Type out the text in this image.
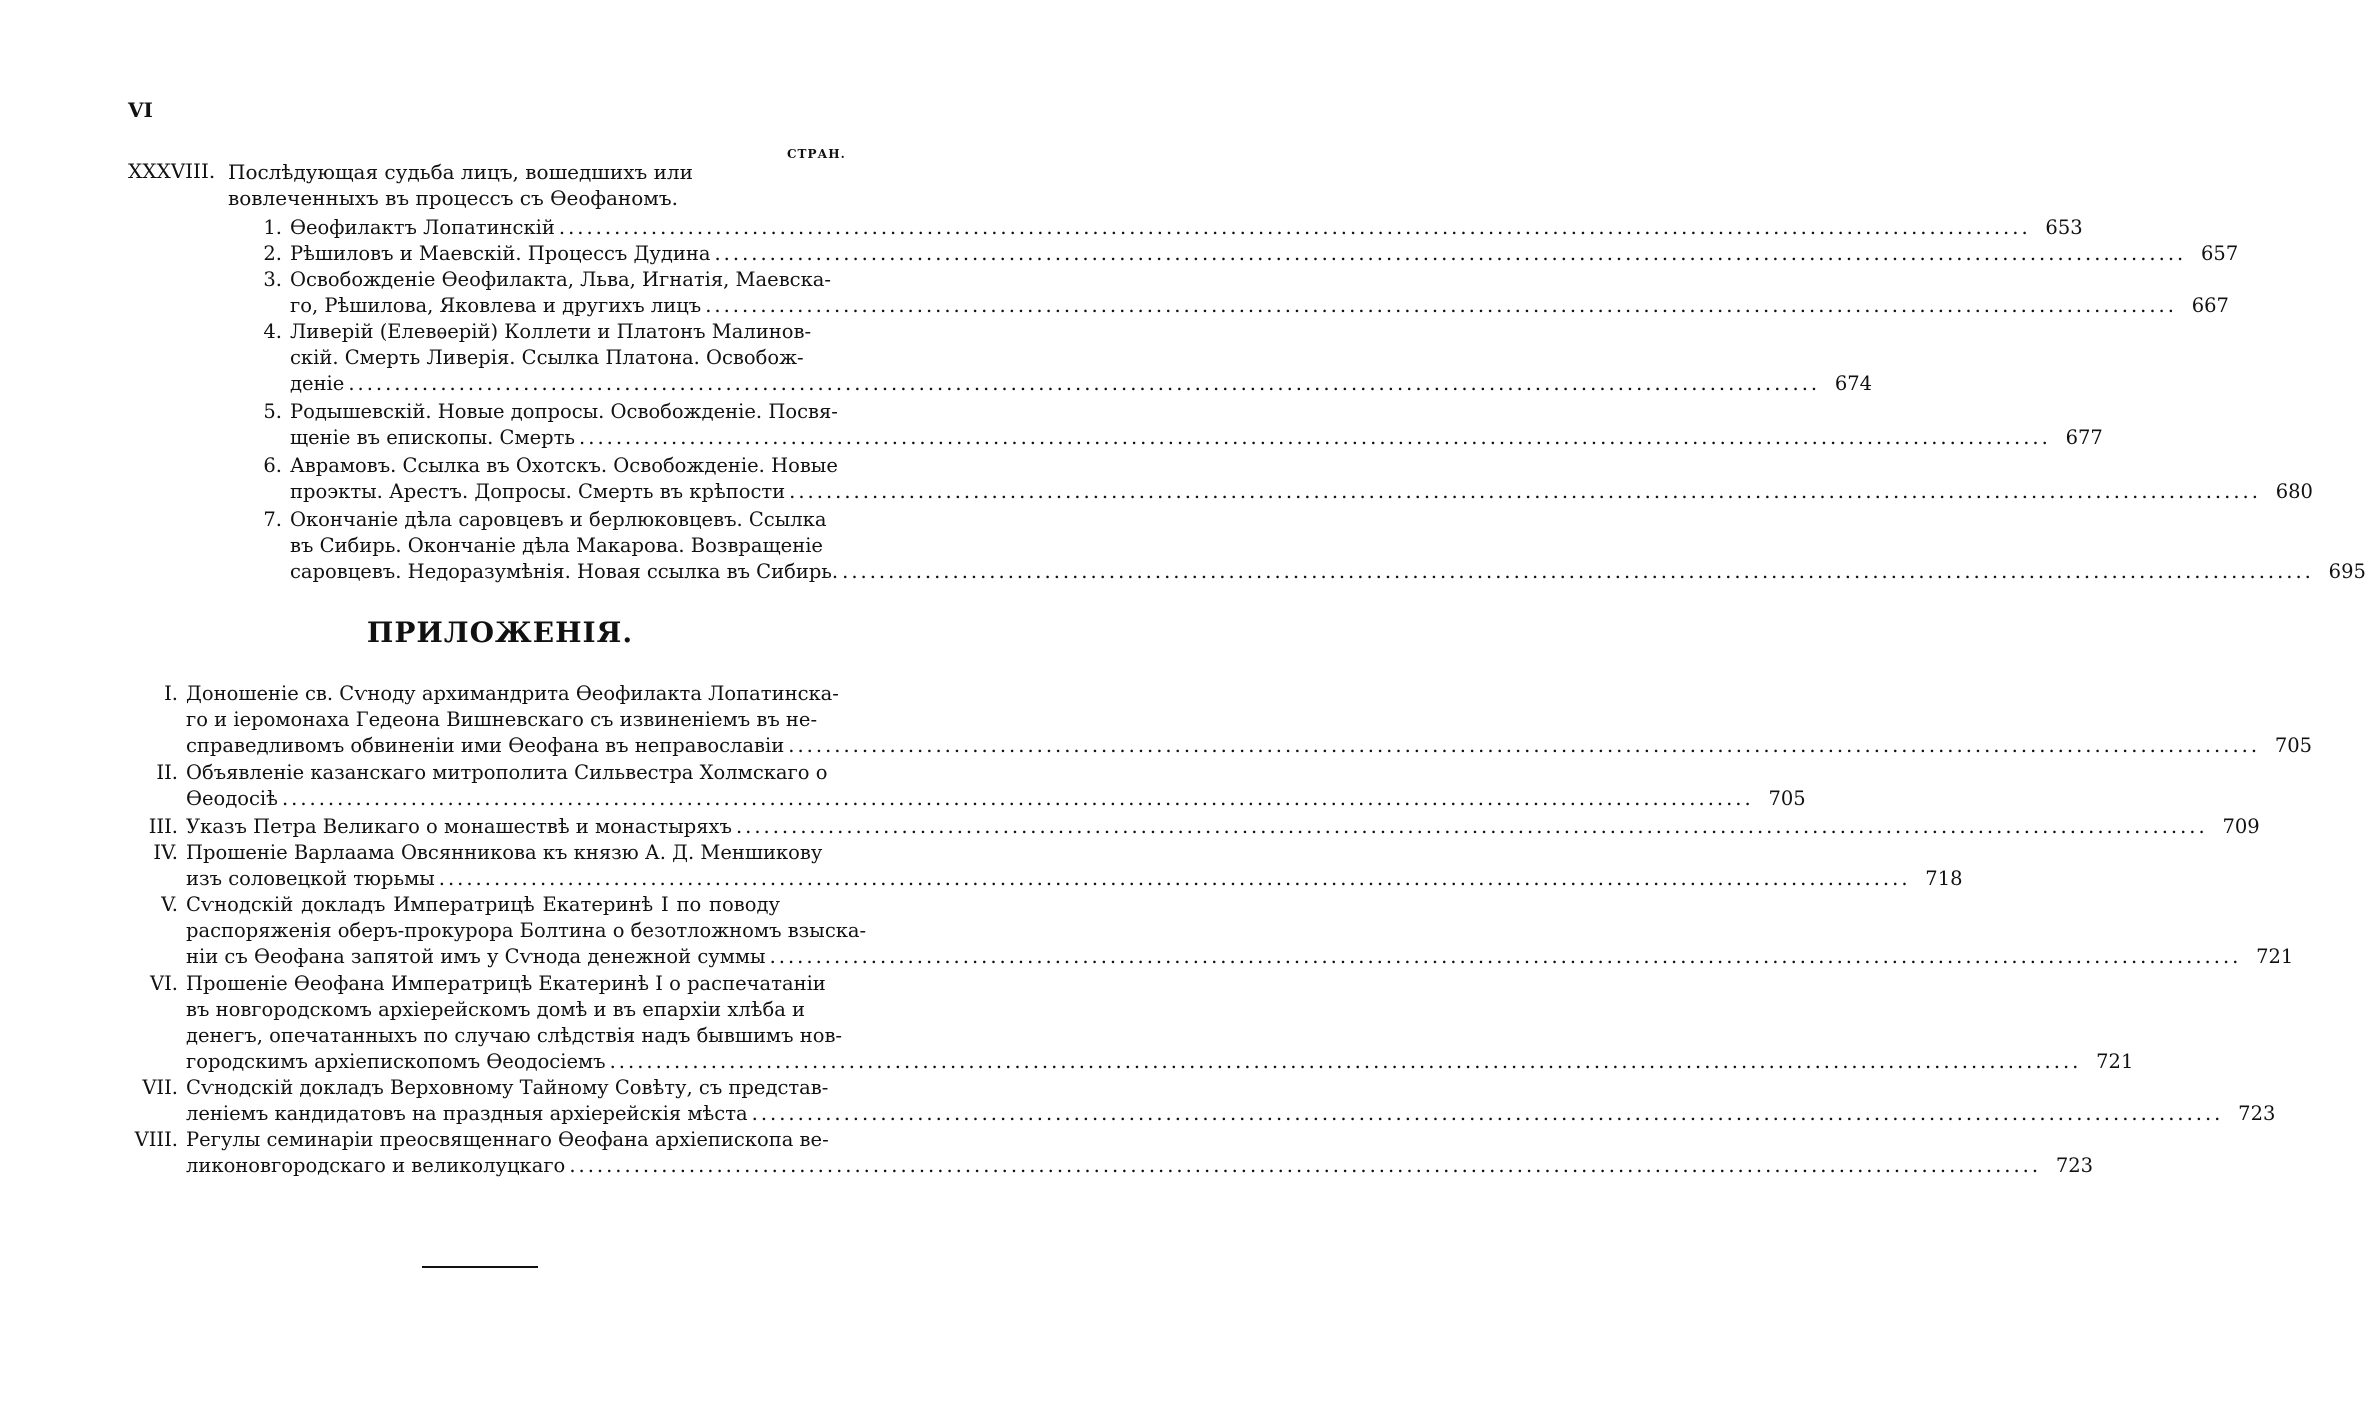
VI
СТРАН.
XXXVIII. Послѣдующая судьба лицъ, вошедшихъ или вовлеченныхъ въ процессъ съ Ѳеофаномъ.
1. Ѳеофилактъ Лопатинскій ................................................................................................................................................................ 653
2. Рѣшиловъ и Маевскій. Процессъ Дудина ................................................................................................................................................................ 657
3. Освобожденіе Ѳеофилакта, Льва, Игнатія, Маевска-
го, Рѣшилова, Яковлева и другихъ лицъ ................................................................................................................................................................ 667
4. Ливерій (Елевѳерій) Коллети и Платонъ Малинов-
скій. Смерть Ливерія. Ссылка Платона. Освобож-
деніе ................................................................................................................................................................ 674
5. Родышевскій. Новые допросы. Освобожденіе. Посвя-
щеніе въ епископы. Смерть ................................................................................................................................................................ 677
6. Аврамовъ. Ссылка въ Охотскъ. Освобожденіе. Новые
проэкты. Арестъ. Допросы. Смерть въ крѣпости ................................................................................................................................................................ 680
7. Окончаніе дѣла саровцевъ и берлюковцевъ. Ссылка
въ Сибирь. Окончаніе дѣла Макарова. Возвращеніе
саровцевъ. Недоразумѣнія. Новая ссылка въ Сибирь. ................................................................................................................................................................ 695
ПРИЛОЖЕНІЯ.
I. Доношеніе св. Сѵноду архимандрита Ѳеофилакта Лопатинска-
го и іеромонаха Гедеона Вишневскаго съ извиненіемъ въ не-
справедливомъ обвиненіи ими Ѳеофана въ неправославіи ................................................................................................................................................................ 705
II. Объявленіе казанскаго митрополита Сильвестра Холмскаго о
Ѳеодосіѣ ................................................................................................................................................................ 705
III. Указъ Петра Великаго о монашествѣ и монастыряхъ ................................................................................................................................................................ 709
IV. Прошеніе Варлаама Овсянникова къ князю А. Д. Меншикову
изъ соловецкой тюрьмы ................................................................................................................................................................ 718
V. Сѵнодскій докладъ Императрицѣ Екатеринѣ I по поводу
распоряженія оберъ-прокурора Болтина о безотложномъ взыска-
ніи съ Ѳеофана запятой имъ у Сѵнода денежной суммы ................................................................................................................................................................ 721
VI. Прошеніе Ѳеофана Императрицѣ Екатеринѣ I о распечатаніи
въ новгородскомъ архіерейскомъ домѣ и въ епархіи хлѣба и
денегъ, опечатанныхъ по случаю слѣдствія надъ бывшимъ нов-
городскимъ архіепископомъ Ѳеодосіемъ ................................................................................................................................................................ 721
VII. Сѵнодскій докладъ Верховному Тайному Совѣту, съ представ-
леніемъ кандидатовъ на праздныя архіерейскія мѣста ................................................................................................................................................................ 723
VIII. Регулы семинаріи преосвященнаго Ѳеофана архіепископа ве-
ликоновгородскаго и великолуцкаго ................................................................................................................................................................ 723
